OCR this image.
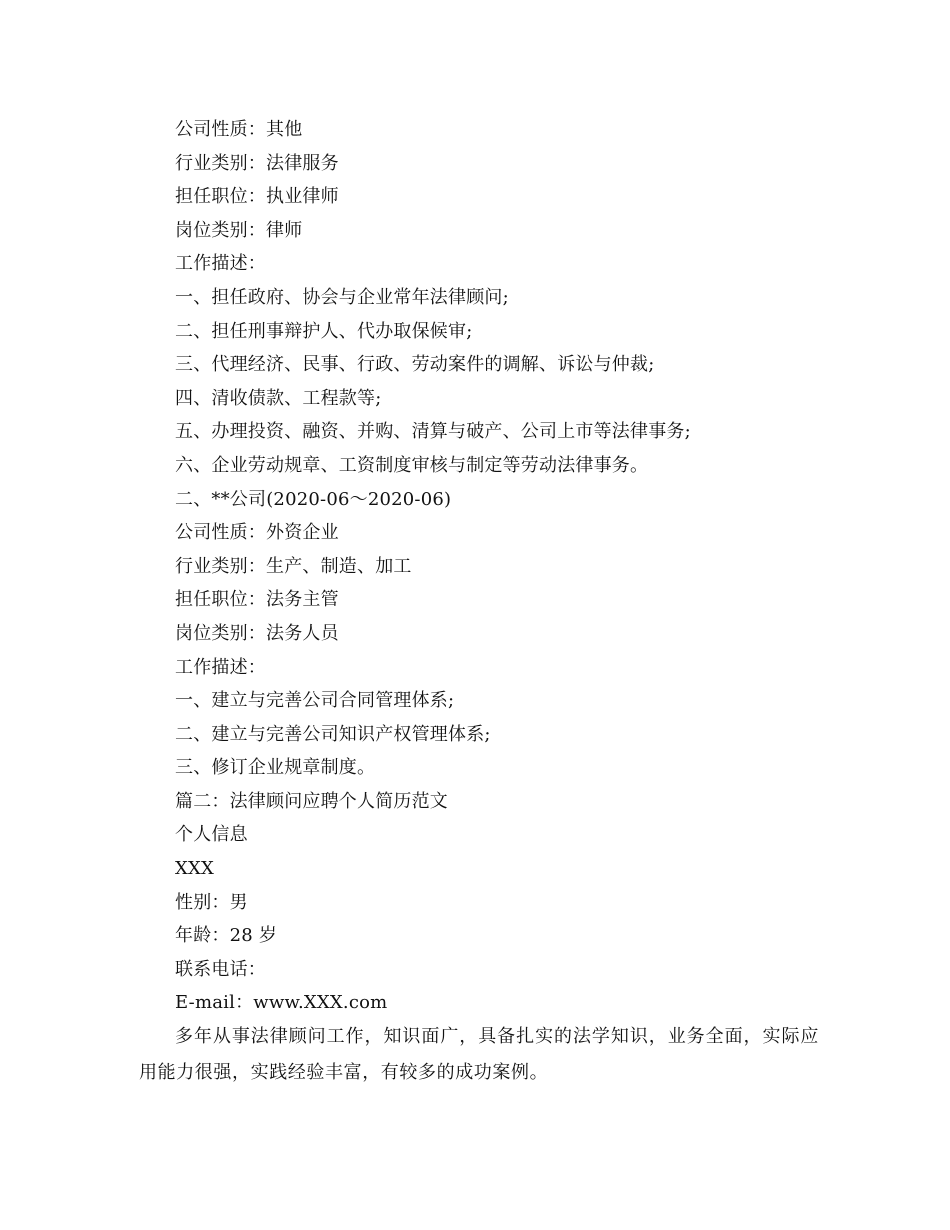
公司性质：其他
行业类别：法律服务
担任职位：执业律师
岗位类别：律师
工作描述：
一、担任政府、协会与企业常年法律顾问;
二、担任刑事辩护人、代办取保候审;
三、代理经济、民事、行政、劳动案件的调解、诉讼与仲裁;
四、清收债款、工程款等;
五、办理投资、融资、并购、清算与破产、公司上市等法律事务;
六、企业劳动规章、工资制度审核与制定等劳动法律事务。
二、**公司(2020-06～2020-06)
公司性质：外资企业
行业类别：生产、制造、加工
担任职位：法务主管
岗位类别：法务人员
工作描述：
一、建立与完善公司合同管理体系;
二、建立与完善公司知识产权管理体系;
三、修订企业规章制度。
篇二：法律顾问应聘个人简历范文
个人信息
XXX
性别：男
年龄：28 岁
联系电话：
E-mail：www.XXX.com
多年从事法律顾问工作，知识面广，具备扎实的法学知识，业务全面，实际应用能力很强，实践经验丰富，有较多的成功案例。
